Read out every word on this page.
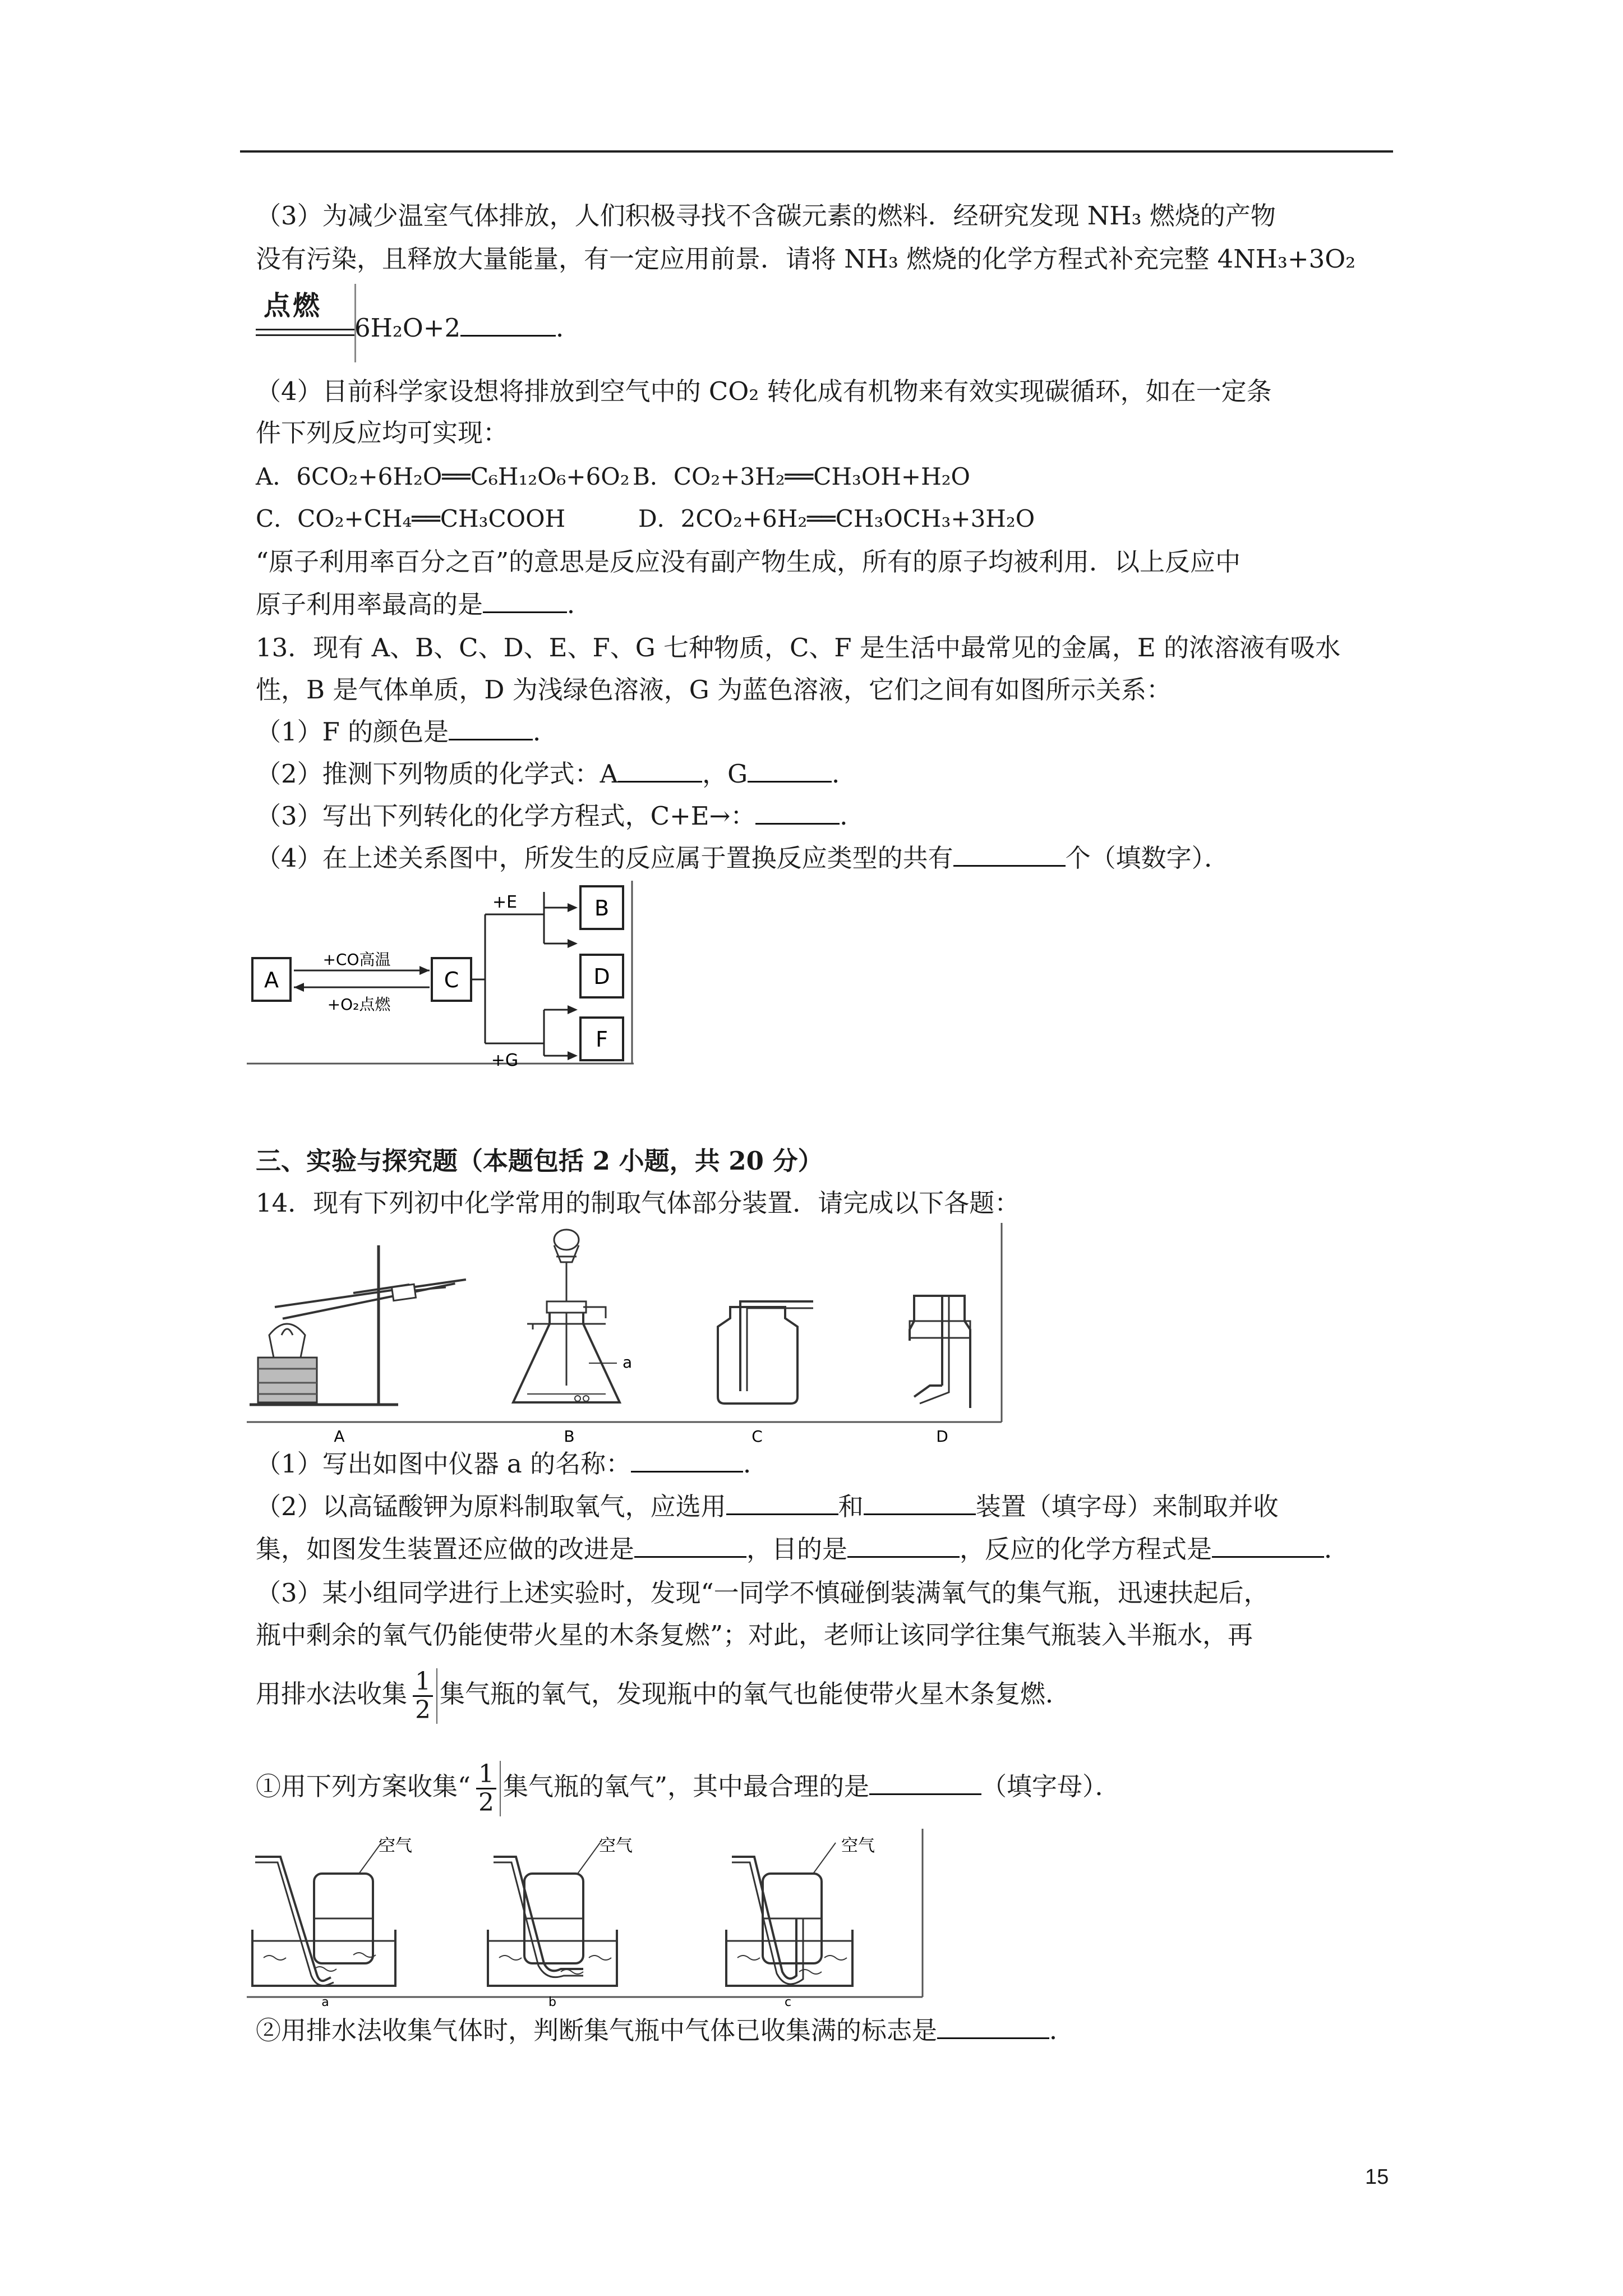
（3）为减少温室气体排放，人们积极寻找不含碳元素的燃料．经研究发现 NH₃ 燃烧的产物
没有污染，且释放大量能量，有一定应用前景．请将 NH₃ 燃烧的化学方程式补充完整 4NH₃+3O₂
点燃
6H₂O+2	．
（4）目前科学家设想将排放到空气中的 CO₂ 转化成有机物来有效实现碳循环，如在一定条
件下列反应均可实现：
A．6CO₂+6H₂O══C₆H₁₂O₆+6O₂ B．CO₂+3H₂══CH₃OH+H₂O
C．CO₂+CH₄══CH₃COOH	D．2CO₂+6H₂══CH₃OCH₃+3H₂O
“原子利用率百分之百”的意思是反应没有副产物生成，所有的原子均被利用．以上反应中
原子利用率最高的是	．
13．现有 A、B、C、D、E、F、G 七种物质，C、F 是生活中最常见的金属，E 的浓溶液有吸水
性，B 是气体单质，D 为浅绿色溶液，G 为蓝色溶液，它们之间有如图所示关系：
（1）F 的颜色是	．
（2）推测下列物质的化学式：A	，G	．
（3）写出下列转化的化学方程式，C+E→：	．
（4）在上述关系图中，所发生的反应属于置换反应类型的共有	个（填数字）．
A	C
+CO高温
+O₂点燃
+E
+G
B
D
F
三、实验与探究题（本题包括 2 小题，共 20 分）
14．现有下列初中化学常用的制取气体部分装置．请完成以下各题：
A
a
B	C	D
（1）写出如图中仪器 a 的名称：	．
（2）以高锰酸钾为原料制取氧气，应选用	和	装置（填字母）来制取并收
集，如图发生装置还应做的改进是	，目的是	，反应的化学方程式是	．
（3）某小组同学进行上述实验时，发现“一同学不慎碰倒装满氧气的集气瓶，迅速扶起后，
瓶中剩余的氧气仍能使带火星的木条复燃”；对此，老师让该同学往集气瓶装入半瓶水，再
用排水法收集 $\frac{1}{2}$ 集气瓶的氧气，发现瓶中的氧气也能使带火星木条复燃．
①用下列方案收集“ $\frac{1}{2}$ 集气瓶的氧气”，其中最合理的是	（填字母）．
空气
a
空气
b
空气
c
②用排水法收集气体时，判断集气瓶中气体已收集满的标志是	．
15
